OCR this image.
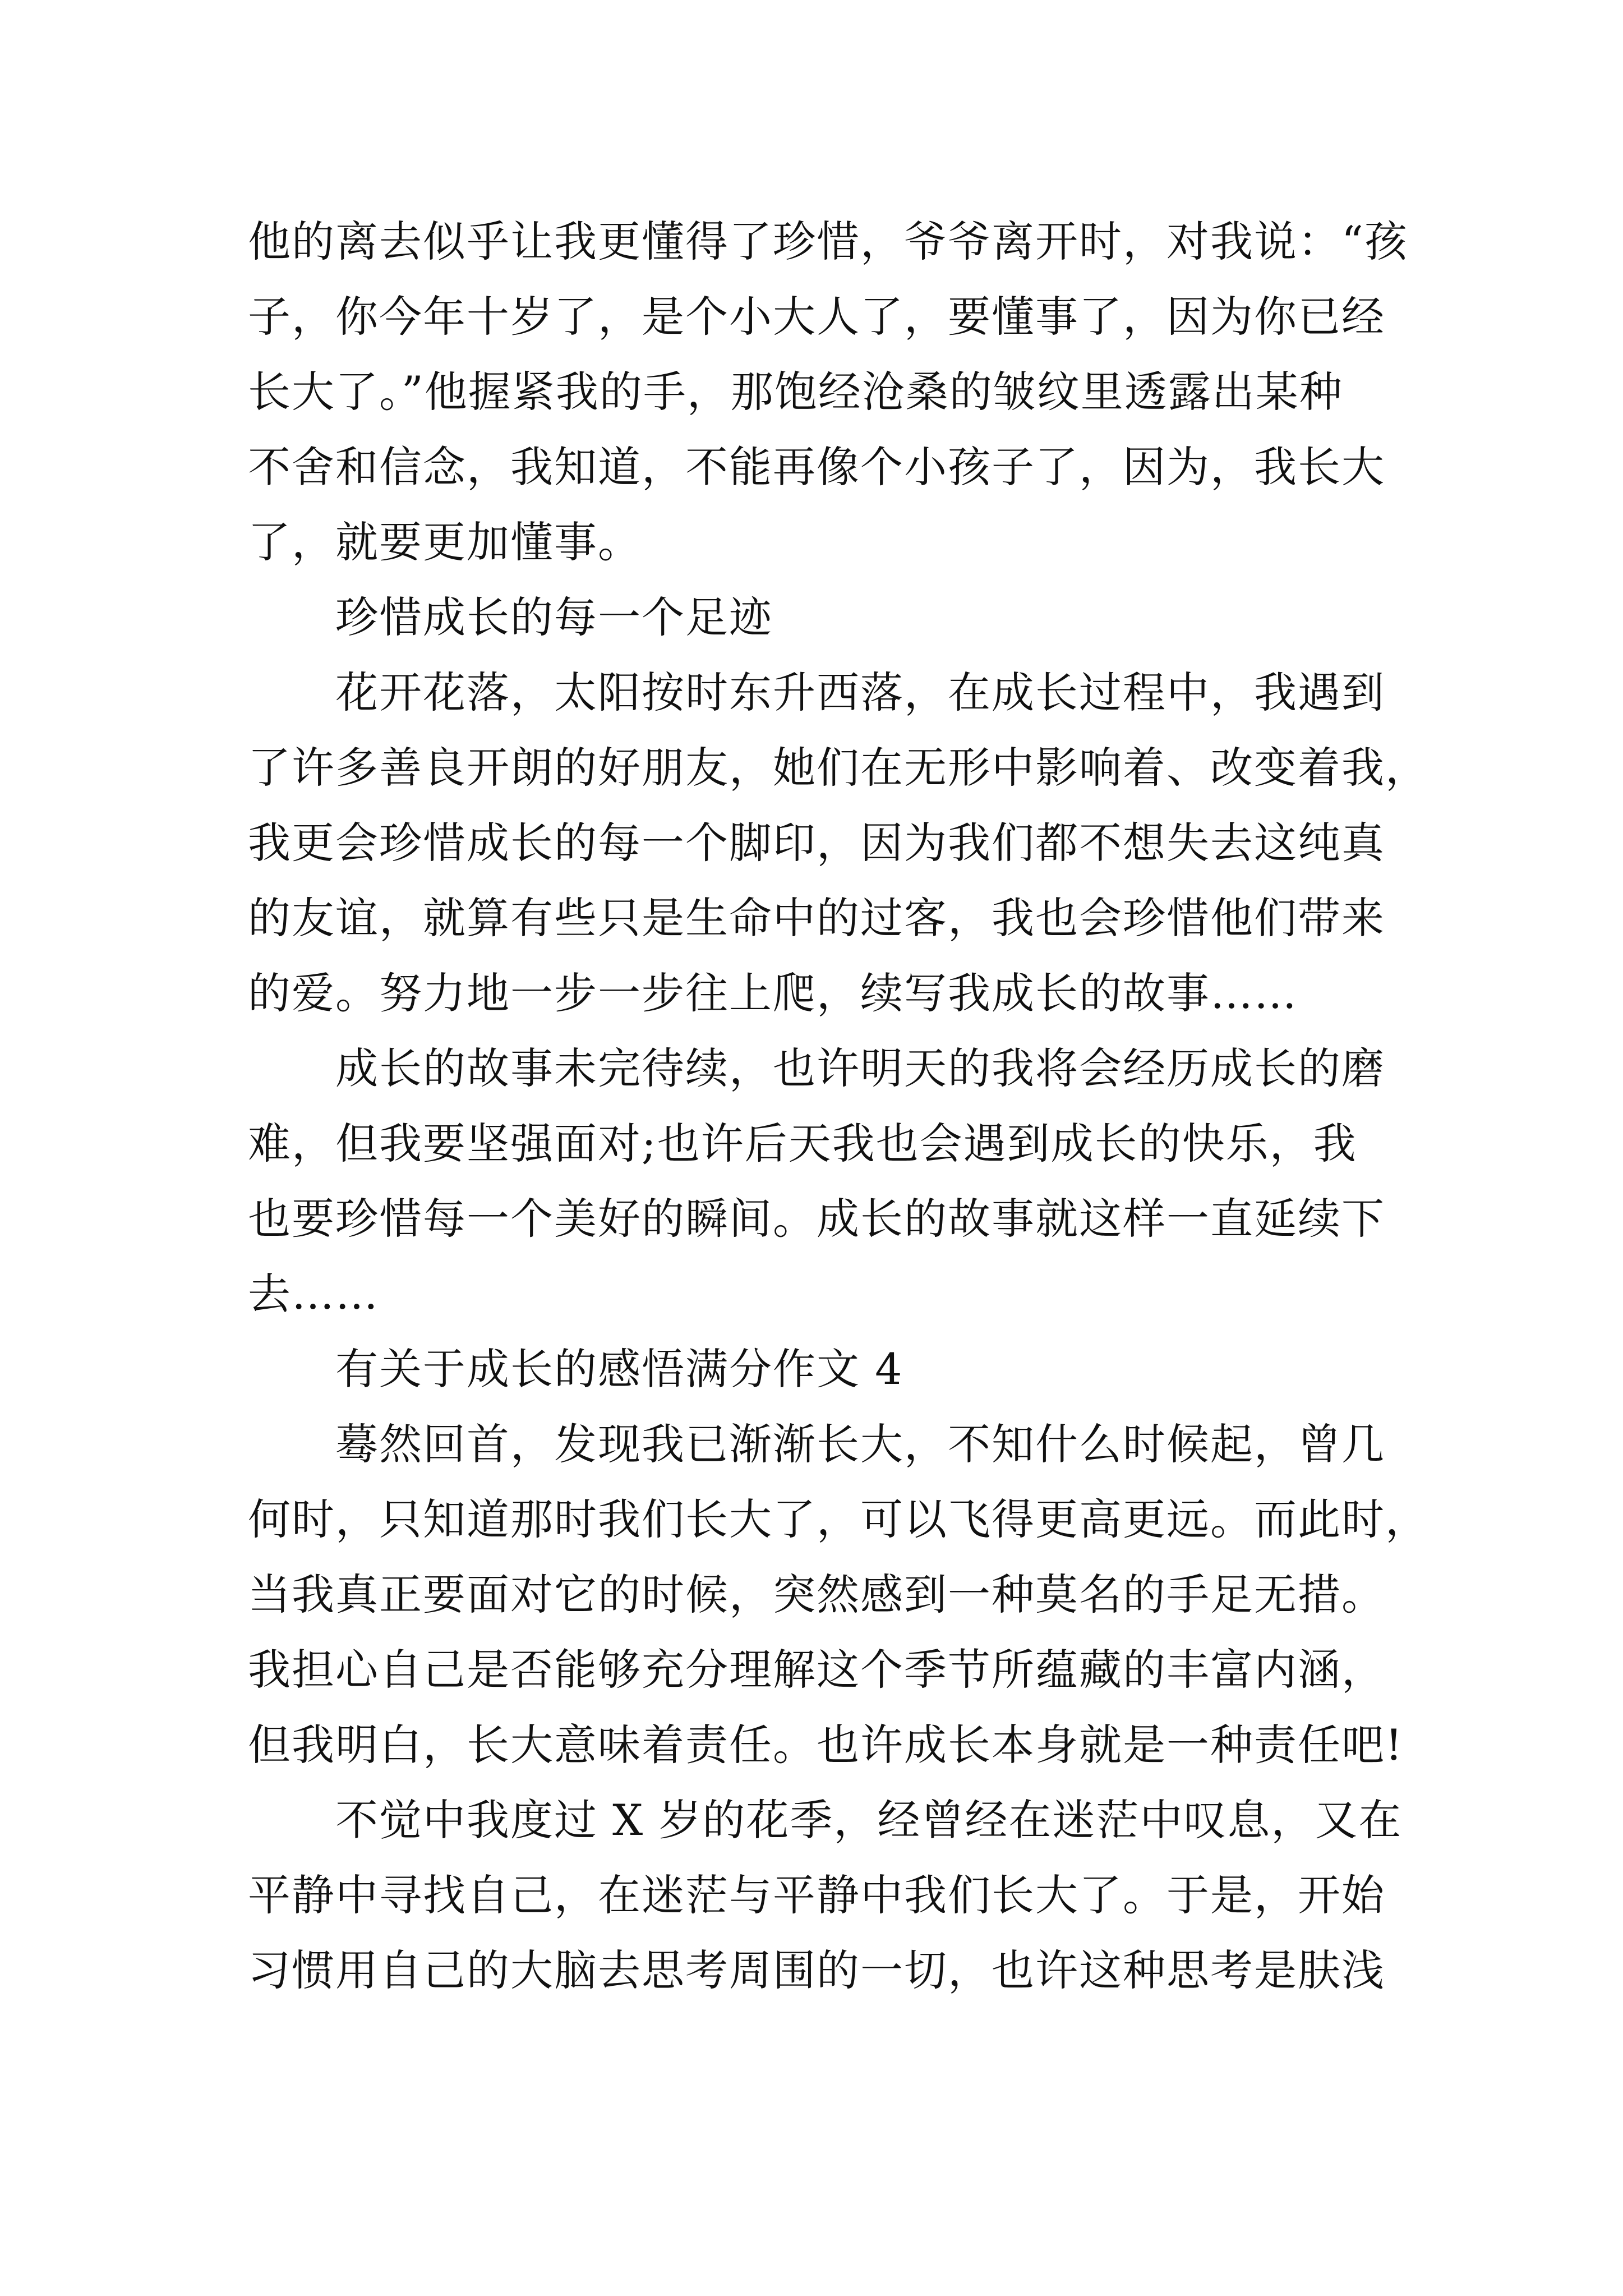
他的离去似乎让我更懂得了珍惜，爷爷离开时，对我说：“孩
子，你今年十岁了，是个小大人了，要懂事了，因为你已经
长大了。”他握紧我的手，那饱经沧桑的皱纹里透露出某种
不舍和信念，我知道，不能再像个小孩子了，因为，我长大
了，就要更加懂事。
珍惜成长的每一个足迹
花开花落，太阳按时东升西落，在成长过程中，我遇到
了许多善良开朗的好朋友，她们在无形中影响着、改变着我，
我更会珍惜成长的每一个脚印，因为我们都不想失去这纯真
的友谊，就算有些只是生命中的过客，我也会珍惜他们带来
的爱。努力地一步一步往上爬，续写我成长的故事……
成长的故事未完待续，也许明天的我将会经历成长的磨
难，但我要坚强面对;也许后天我也会遇到成长的快乐，我
也要珍惜每一个美好的瞬间。成长的故事就这样一直延续下
去……
有关于成长的感悟满分作文 4
蓦然回首，发现我已渐渐长大，不知什么时候起，曾几
何时，只知道那时我们长大了，可以飞得更高更远。而此时，
当我真正要面对它的时候，突然感到一种莫名的手足无措。
我担心自己是否能够充分理解这个季节所蕴藏的丰富内涵，
但我明白，长大意味着责任。也许成长本身就是一种责任吧!
不觉中我度过 X 岁的花季，经曾经在迷茫中叹息，又在
平静中寻找自己，在迷茫与平静中我们长大了。于是，开始
习惯用自己的大脑去思考周围的一切，也许这种思考是肤浅
